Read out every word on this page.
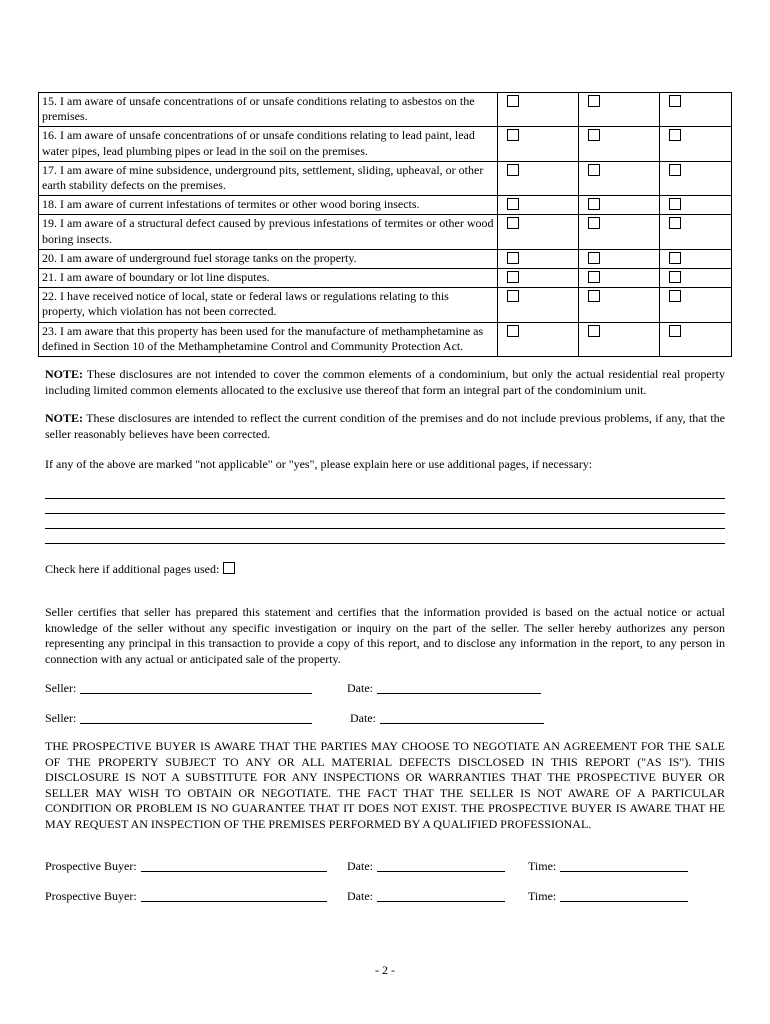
15. I am aware of unsafe concentrations of or unsafe conditions relating to asbestos on the premises.	

16. I am aware of unsafe concentrations of or unsafe conditions relating to lead paint, lead water pipes, lead plumbing pipes or lead in the soil on the premises.	

17. I am aware of mine subsidence, underground pits, settlement, sliding, upheaval, or other earth stability defects on the premises.	

18. I am aware of current infestations of termites or other wood boring insects.	

19. I am aware of a structural defect caused by previous infestations of termites or other wood boring insects.	

20. I am aware of underground fuel storage tanks on the property.	

21. I am aware of boundary or lot line disputes.	

22. I have received notice of local, state or federal laws or regulations relating to this property, which violation has not been corrected.	

23. I am aware that this property has been used for the manufacture of methamphetamine as defined in Section 10 of the Methamphetamine Control and Community Protection Act.	

NOTE: These disclosures are not intended to cover the common elements of a condominium, but only the actual residential real property including limited common elements allocated to the exclusive use thereof that form an integral part of the condominium unit.

NOTE: These disclosures are intended to reflect the current condition of the premises and do not include previous problems, if any, that the seller reasonably believes have been corrected.

If any of the above are marked "not applicable" or "yes", please explain here or use additional pages, if necessary:

Check here if additional pages used:

Seller certifies that seller has prepared this statement and certifies that the information provided is based on the actual notice or actual knowledge of the seller without any specific investigation or inquiry on the part of the seller. The seller hereby authorizes any person representing any principal in this transaction to provide a copy of this report, and to disclose any information in the report, to any person in connection with any actual or anticipated sale of the property.

Seller:	Date:
Seller:	Date:

THE PROSPECTIVE BUYER IS AWARE THAT THE PARTIES MAY CHOOSE TO NEGOTIATE AN AGREEMENT FOR THE SALE OF THE PROPERTY SUBJECT TO ANY OR ALL MATERIAL DEFECTS DISCLOSED IN THIS REPORT ("AS IS"). THIS DISCLOSURE IS NOT A SUBSTITUTE FOR ANY INSPECTIONS OR WARRANTIES THAT THE PROSPECTIVE BUYER OR SELLER MAY WISH TO OBTAIN OR NEGOTIATE. THE FACT THAT THE SELLER IS NOT AWARE OF A PARTICULAR CONDITION OR PROBLEM IS NO GUARANTEE THAT IT DOES NOT EXIST. THE PROSPECTIVE BUYER IS AWARE THAT HE MAY REQUEST AN INSPECTION OF THE PREMISES PERFORMED BY A QUALIFIED PROFESSIONAL.

Prospective Buyer:	Date:	Time:
Prospective Buyer:	Date:	Time:
- 2 -
